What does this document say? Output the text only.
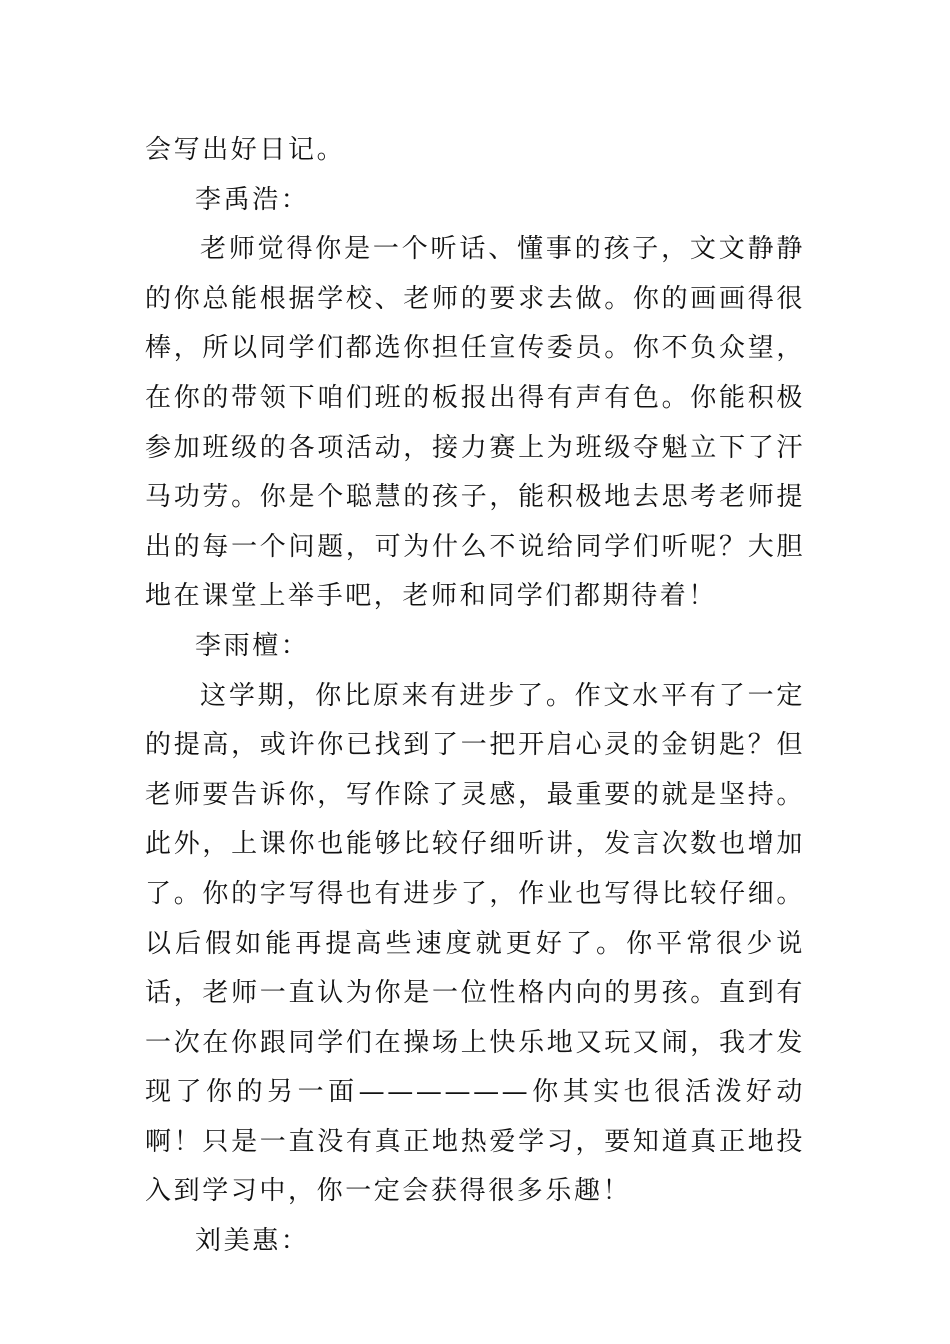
会写出好日记。

李禹浩：

老师觉得你是一个听话、懂事的孩子，文文静静的你总能根据学校、老师的要求去做。你的画画得很棒，所以同学们都选你担任宣传委员。你不负众望，在你的带领下咱们班的板报出得有声有色。你能积极参加班级的各项活动，接力赛上为班级夺魁立下了汗马功劳。你是个聪慧的孩子，能积极地去思考老师提出的每一个问题，可为什么不说给同学们听呢？大胆地在课堂上举手吧，老师和同学们都期待着！

李雨檀：

这学期，你比原来有进步了。作文水平有了一定的提高，或许你已找到了一把开启心灵的金钥匙？但老师要告诉你，写作除了灵感，最重要的就是坚持。此外，上课你也能够比较仔细听讲，发言次数也增加了。你的字写得也有进步了，作业也写得比较仔细。以后假如能再提高些速度就更好了。你平常很少说话，老师一直认为你是一位性格内向的男孩。直到有一次在你跟同学们在操场上快乐地又玩又闹，我才发现了你的另一面——————你其实也很活泼好动啊！只是一直没有真正地热爱学习，要知道真正地投入到学习中，你一定会获得很多乐趣！

刘美惠：
